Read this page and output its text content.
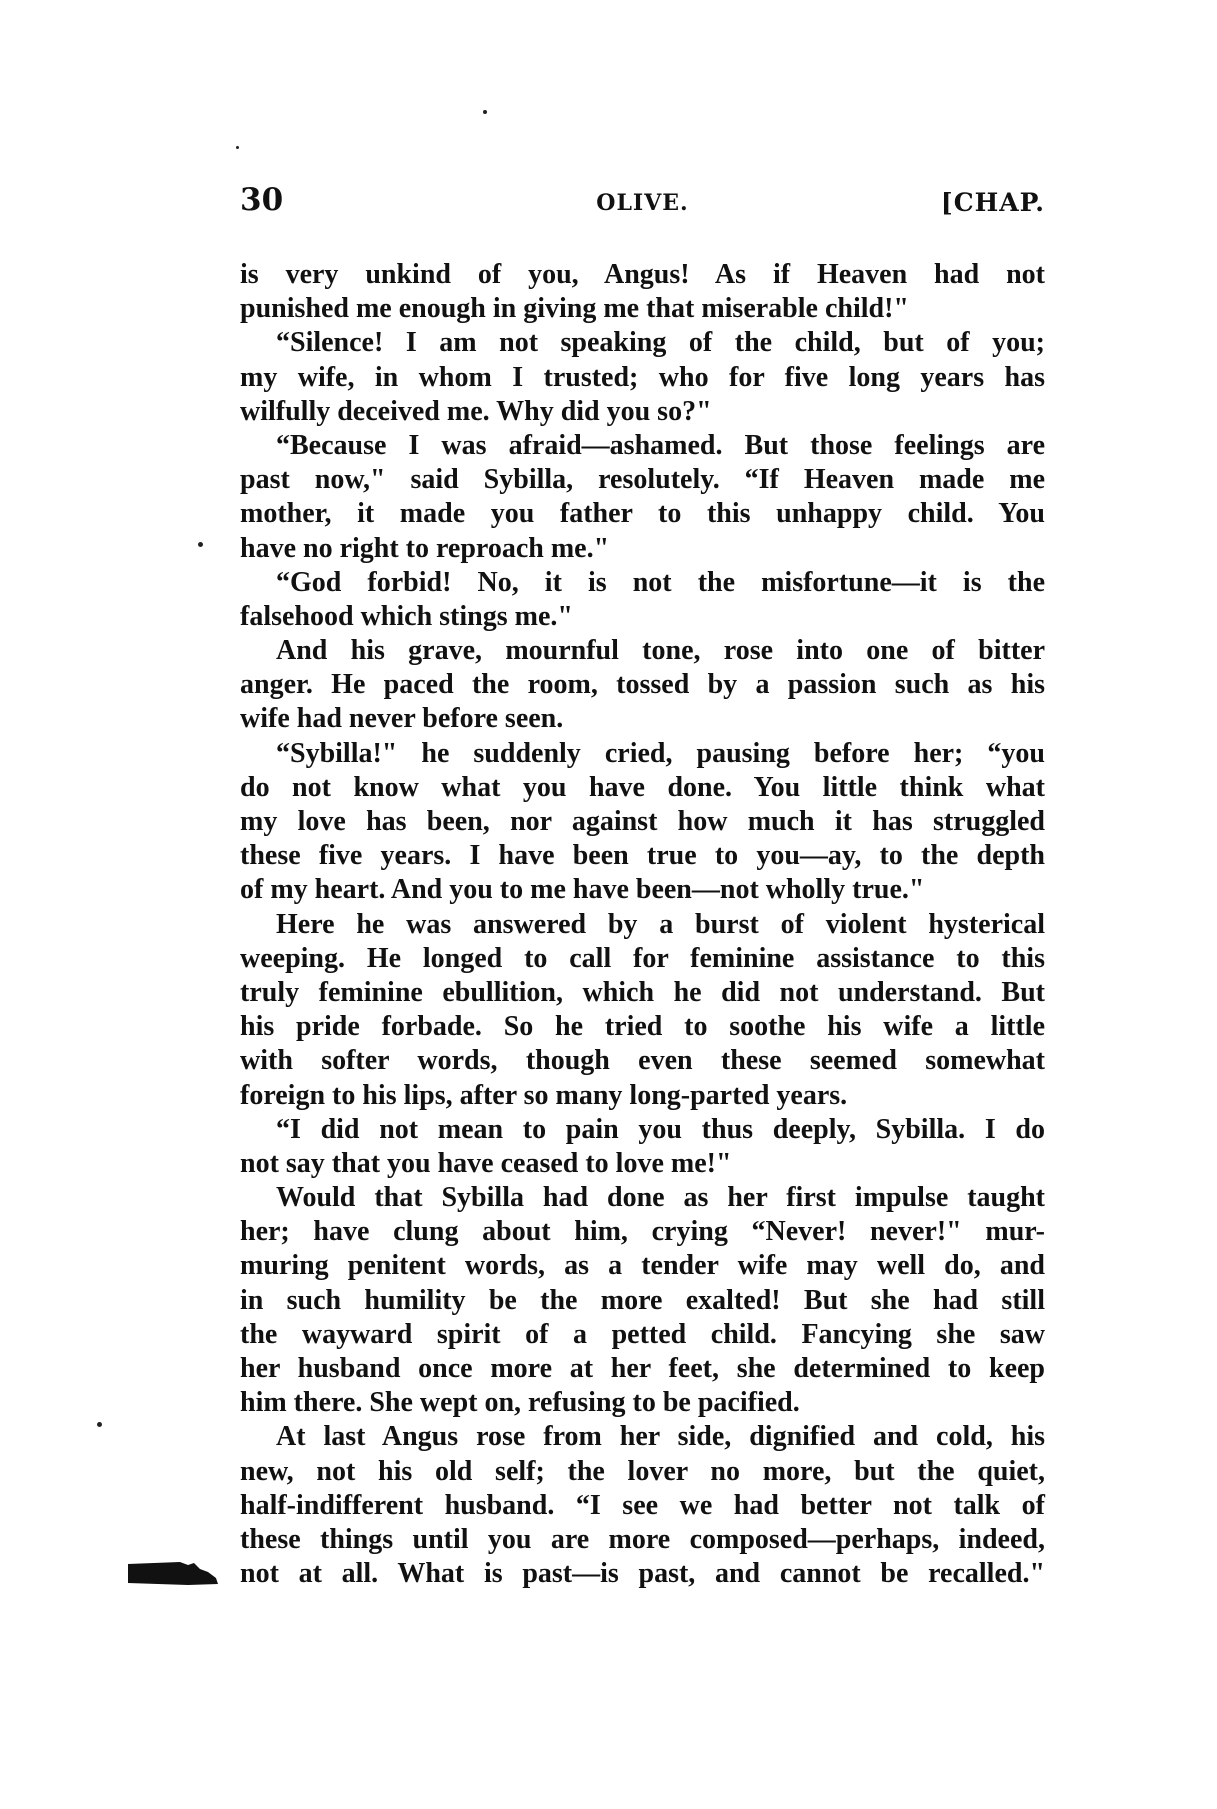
30	OLIVE.	[CHAP.
is very unkind of you, Angus! As if Heaven had not
punished me enough in giving me that miserable child!"
“Silence! I am not speaking of the child, but of you;
my wife, in whom I trusted; who for five long years has
wilfully deceived me. Why did you so?"
“Because I was afraid—ashamed. But those feelings are
past now," said Sybilla, resolutely. “If Heaven made me
mother, it made you father to this unhappy child. You
have no right to reproach me."
“God forbid! No, it is not the misfortune—it is the
falsehood which stings me."
And his grave, mournful tone, rose into one of bitter
anger. He paced the room, tossed by a passion such as his
wife had never before seen.
“Sybilla!" he suddenly cried, pausing before her; “you
do not know what you have done. You little think what
my love has been, nor against how much it has struggled
these five years. I have been true to you—ay, to the depth
of my heart. And you to me have been—not wholly true."
Here he was answered by a burst of violent hysterical
weeping. He longed to call for feminine assistance to this
truly feminine ebullition, which he did not understand. But
his pride forbade. So he tried to soothe his wife a little
with softer words, though even these seemed somewhat
foreign to his lips, after so many long-parted years.
“I did not mean to pain you thus deeply, Sybilla. I do
not say that you have ceased to love me!"
Would that Sybilla had done as her first impulse taught
her; have clung about him, crying “Never! never!" mur-
muring penitent words, as a tender wife may well do, and
in such humility be the more exalted! But she had still
the wayward spirit of a petted child. Fancying she saw
her husband once more at her feet, she determined to keep
him there. She wept on, refusing to be pacified.
At last Angus rose from her side, dignified and cold, his
new, not his old self; the lover no more, but the quiet,
half-indifferent husband. “I see we had better not talk of
these things until you are more composed—perhaps, indeed,
not at all. What is past—is past, and cannot be recalled."
